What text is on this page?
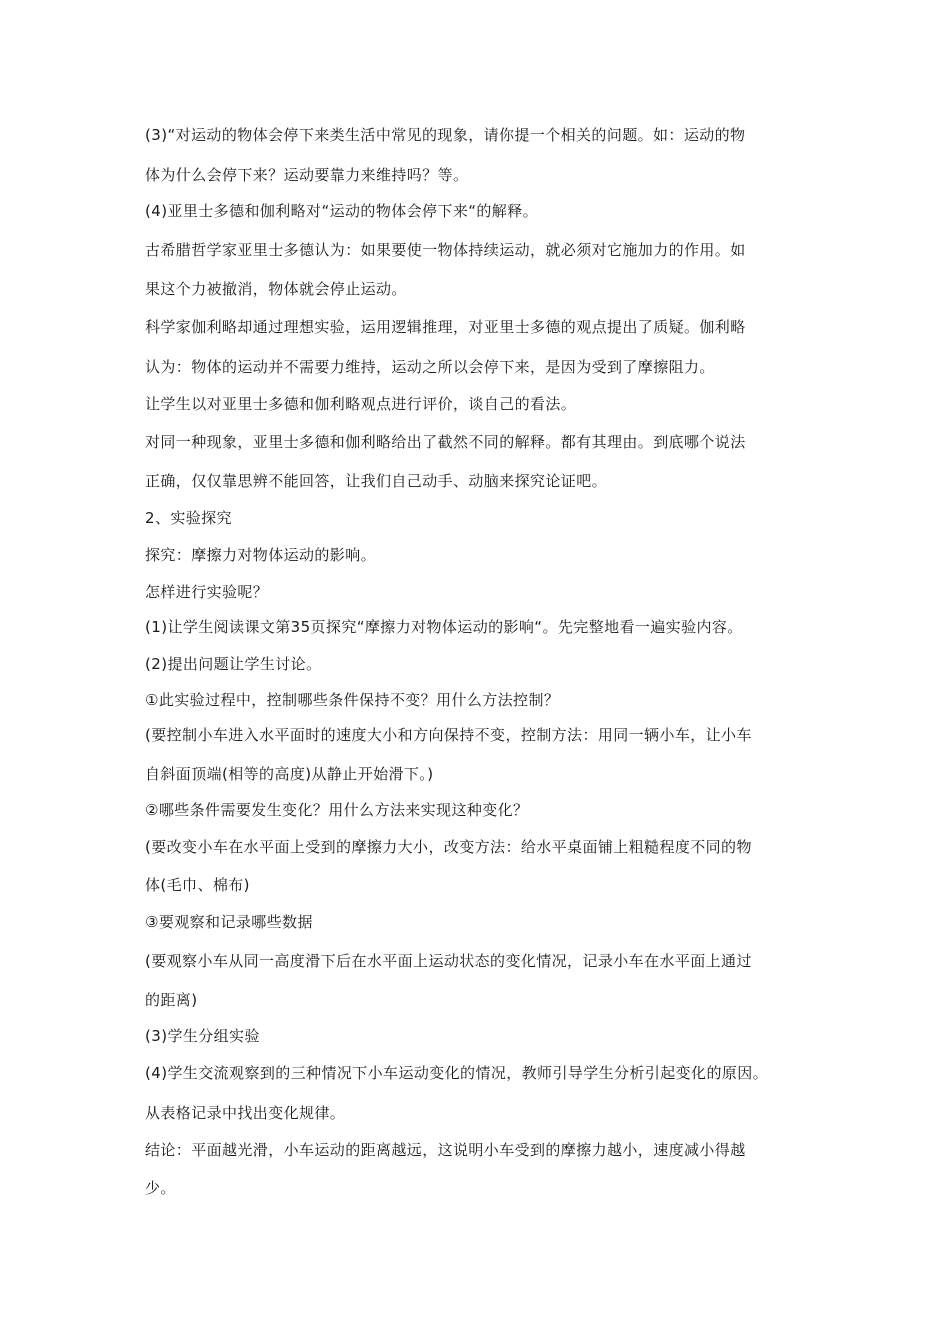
(3)“对运动的物体会停下来类生活中常见的现象，请你提一个相关的问题。如：运动的物
体为什么会停下来？运动要靠力来维持吗？等。
(4)亚里士多德和伽利略对“运动的物体会停下来“的解释。
古希腊哲学家亚里士多德认为：如果要使一物体持续运动，就必须对它施加力的作用。如
果这个力被撤消，物体就会停止运动。
科学家伽利略却通过理想实验，运用逻辑推理，对亚里士多德的观点提出了质疑。伽利略
认为：物体的运动并不需要力维持，运动之所以会停下来，是因为受到了摩擦阻力。
让学生以对亚里士多德和伽利略观点进行评价，谈自己的看法。
对同一种现象，亚里士多德和伽利略给出了截然不同的解释。都有其理由。到底哪个说法
正确，仅仅靠思辨不能回答，让我们自己动手、动脑来探究论证吧。
2、实验探究
探究：摩擦力对物体运动的影响。
怎样进行实验呢？
(1)让学生阅读课文第35页探究“摩擦力对物体运动的影响“。先完整地看一遍实验内容。
(2)提出问题让学生讨论。
①此实验过程中，控制哪些条件保持不变？用什么方法控制？
(要控制小车进入水平面时的速度大小和方向保持不变，控制方法：用同一辆小车，让小车
自斜面顶端(相等的高度)从静止开始滑下。)
②哪些条件需要发生变化？用什么方法来实现这种变化？
(要改变小车在水平面上受到的摩擦力大小，改变方法：给水平桌面铺上粗糙程度不同的物
体(毛巾、棉布)
③要观察和记录哪些数据
(要观察小车从同一高度滑下后在水平面上运动状态的变化情况，记录小车在水平面上通过
的距离)
(3)学生分组实验
(4)学生交流观察到的三种情况下小车运动变化的情况，教师引导学生分析引起变化的原因。
从表格记录中找出变化规律。
结论：平面越光滑，小车运动的距离越远，这说明小车受到的摩擦力越小，速度减小得越
少。
